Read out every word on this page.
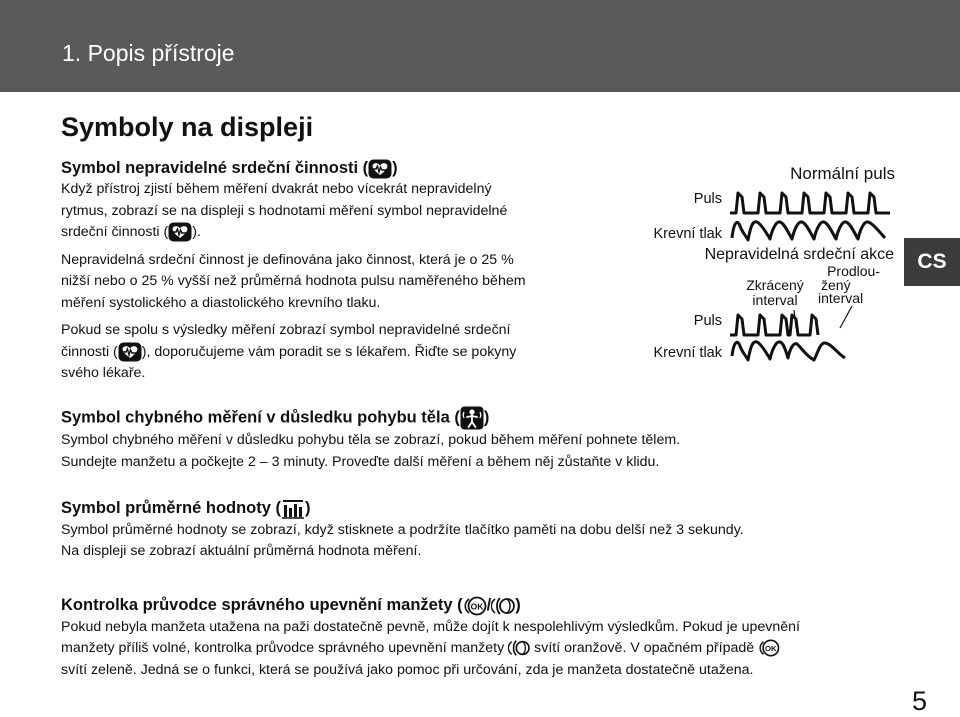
1. Popis přístroje
Symboly na displeji
CS
Symbol nepravidelné srdeční činnosti ( )
Když přístroj zjistí během měření dvakrát nebo vícekrát nepravidelný
rytmus, zobrazí se na displeji s hodnotami měření symbol nepravidelné
srdeční činnosti ( ).
Nepravidelná srdeční činnost je definována jako činnost, která je o 25 %
nižší nebo o 25 % vyšší než průměrná hodnota pulsu naměřeného během
měření systolického a diastolického krevního tlaku.
Pokud se spolu s výsledky měření zobrazí symbol nepravidelné srdeční
činnosti ( ), doporučujeme vám poradit se s lékařem. Řiďte se pokyny
svého lékaře.
Normální puls
Puls
Krevní tlak
Nepravidelná srdeční akce
Prodlou-
Zkrácený žený
interval interval
Puls
Krevní tlak
Symbol chybného měření v důsledku pohybu těla ( )
Symbol chybného měření v důsledku pohybu těla se zobrazí, pokud během měření pohnete tělem.
Sundejte manžetu a počkejte 2 – 3 minuty. Proveďte další měření a během něj zůstaňte v klidu.
Symbol průměrné hodnoty ( )
Symbol průměrné hodnoty se zobrazí, když stisknete a podržíte tlačítko paměti na dobu delší než 3 sekundy.
Na displeji se zobrazí aktuální průměrná hodnota měření.
Kontrolka průvodce správného upevnění manžety ( OK / )
Pokud nebyla manžeta utažena na paži dostatečně pevně, může dojít k nespolehlivým výsledkům. Pokud je upevnění
manžety příliš volné, kontrolka průvodce správného upevnění manžety svítí oranžově. V opačném případě OK
svítí zeleně. Jedná se o funkci, která se používá jako pomoc při určování, zda je manžeta dostatečně utažena.
5
